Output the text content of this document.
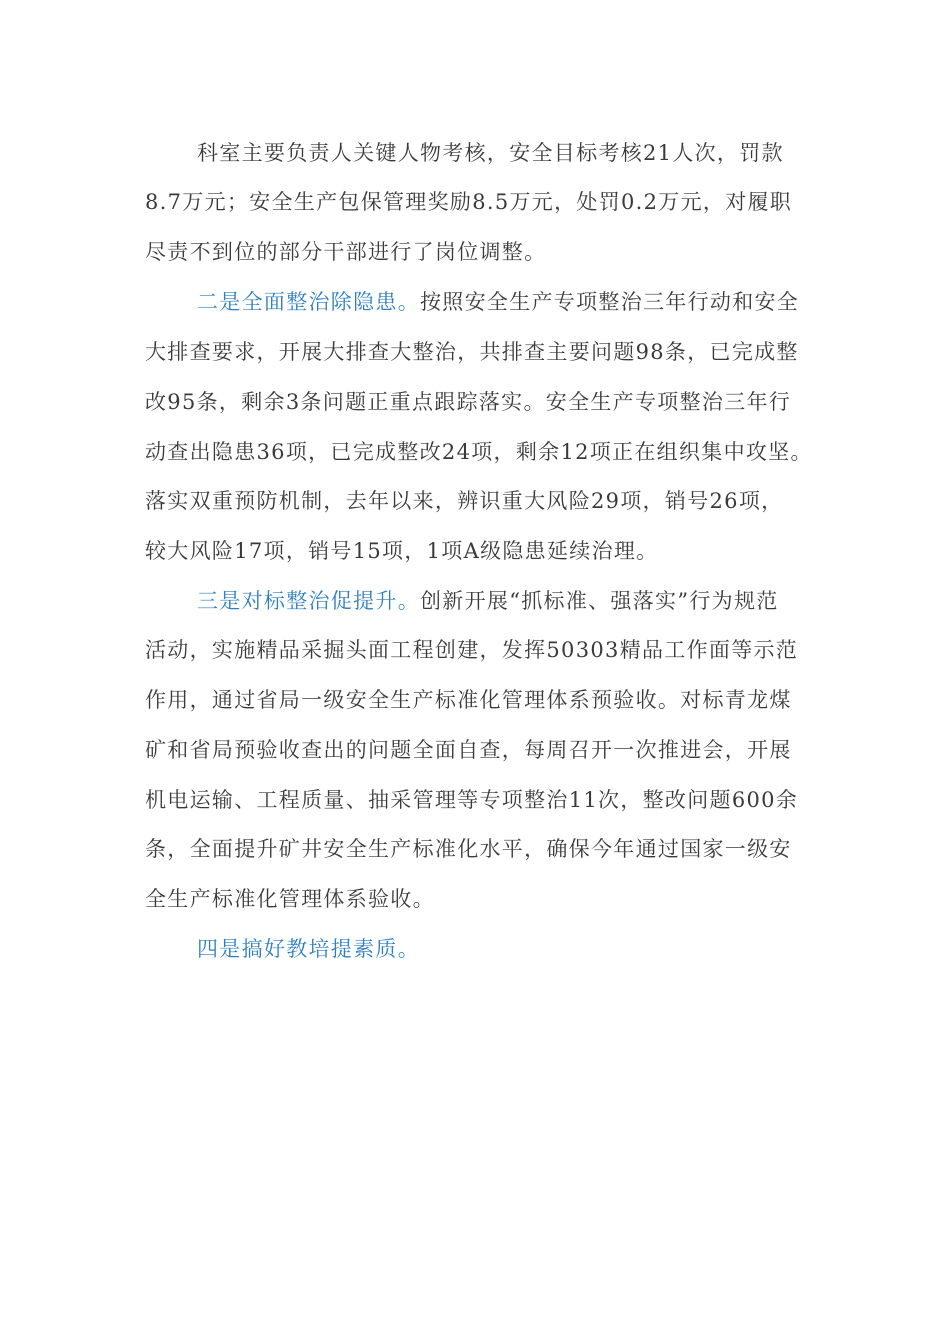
科室主要负责人关键人物考核，安全目标考核21人次，罚款
8.7万元；安全生产包保管理奖励8.5万元，处罚0.2万元，对履职
尽责不到位的部分干部进行了岗位调整。
二是全面整治除隐患。按照安全生产专项整治三年行动和安全
大排查要求，开展大排查大整治，共排查主要问题98条，已完成整
改95条，剩余3条问题正重点跟踪落实。安全生产专项整治三年行
动查出隐患36项，已完成整改24项，剩余12项正在组织集中攻坚。
落实双重预防机制，去年以来，辨识重大风险29项，销号26项，
较大风险17项，销号15项，1项A级隐患延续治理。
三是对标整治促提升。创新开展“抓标准、强落实”行为规范
活动，实施精品采掘头面工程创建，发挥50303精品工作面等示范
作用，通过省局一级安全生产标准化管理体系预验收。对标青龙煤
矿和省局预验收查出的问题全面自查，每周召开一次推进会，开展
机电运输、工程质量、抽采管理等专项整治11次，整改问题600余
条，全面提升矿井安全生产标准化水平，确保今年通过国家一级安
全生产标准化管理体系验收。
四是搞好教培提素质。
